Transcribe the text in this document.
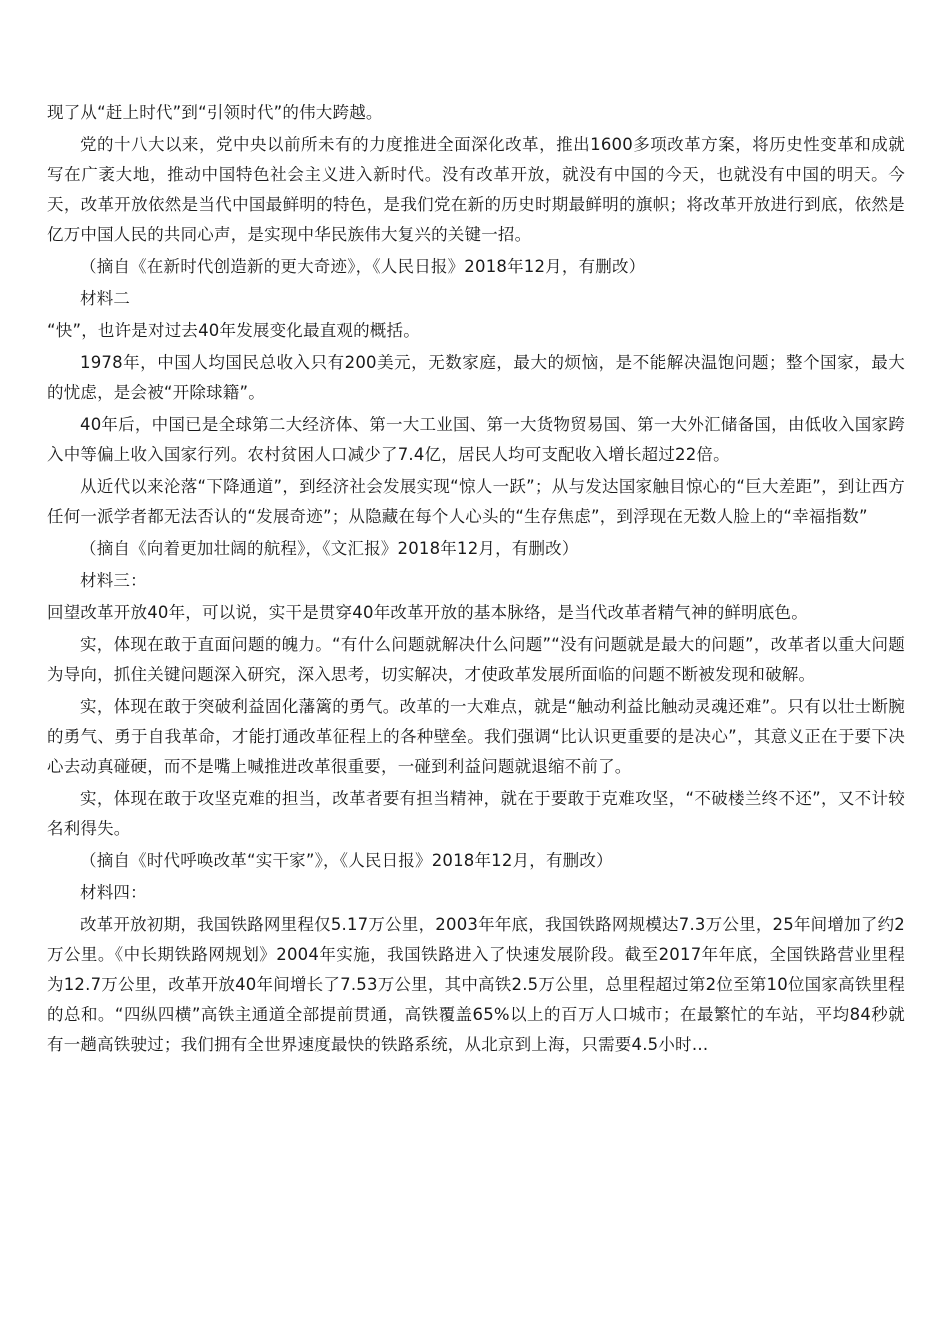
现了从“赶上时代”到“引领时代”的伟大跨越。

党的十八大以来，党中央以前所未有的力度推进全面深化改革，推出1600多项改革方案，将历史性变革和成就写在广袤大地，推动中国特色社会主义进入新时代。没有改革开放，就没有中国的今天，也就没有中国的明天。今天，改革开放依然是当代中国最鲜明的特色，是我们党在新的历史时期最鲜明的旗帜；将改革开放进行到底，依然是亿万中国人民的共同心声，是实现中华民族伟大复兴的关键一招。

（摘自《在新时代创造新的更大奇迹》，《人民日报》2018年12月，有删改）

材料二

“快”，也许是对过去40年发展变化最直观的概括。

1978年，中国人均国民总收入只有200美元，无数家庭，最大的烦恼，是不能解决温饱问题；整个国家，最大的忧虑，是会被“开除球籍”。

40年后，中国已是全球第二大经济体、第一大工业国、第一大货物贸易国、第一大外汇储备国，由低收入国家跨入中等偏上收入国家行列。农村贫困人口减少了7.4亿，居民人均可支配收入增长超过22倍。

从近代以来沦落“下降通道”，到经济社会发展实现“惊人一跃”；从与发达国家触目惊心的“巨大差距”，到让西方任何一派学者都无法否认的“发展奇迹”；从隐藏在每个人心头的“生存焦虑”，到浮现在无数人脸上的“幸福指数”

（摘自《向着更加壮阔的航程》，《文汇报》2018年12月，有删改）

材料三：

回望改革开放40年，可以说，实干是贯穿40年改革开放的基本脉络，是当代改革者精气神的鲜明底色。

实，体现在敢于直面问题的魄力。“有什么问题就解决什么问题”“没有问题就是最大的问题”，改革者以重大问题为导向，抓住关键问题深入研究，深入思考，切实解决，才使政革发展所面临的问题不断被发现和破解。

实，体现在敢于突破利益固化藩篱的勇气。改革的一大难点，就是“触动利益比触动灵魂还难”。只有以壮士断腕的勇气、勇于自我革命，才能打通改革征程上的各种壁垒。我们强调“比认识更重要的是决心”，其意义正在于要下决心去动真碰硬，而不是嘴上喊推进改革很重要，一碰到利益问题就退缩不前了。

实，体现在敢于攻坚克难的担当，改革者要有担当精神，就在于要敢于克难攻坚，“不破楼兰终不还”，又不计较名利得失。

（摘自《时代呼唤改革“实干家”》，《人民日报》2018年12月，有删改）

材料四：

改革开放初期，我国铁路网里程仅5.17万公里，2003年年底，我国铁路网规模达7.3万公里，25年间增加了约2万公里。《中长期铁路网规划》2004年实施，我国铁路进入了快速发展阶段。截至2017年年底，全国铁路营业里程为12.7万公里，改革开放40年间增长了7.53万公里，其中高铁2.5万公里，总里程超过第2位至第10位国家高铁里程的总和。“四纵四横”高铁主通道全部提前贯通，高铁覆盖65%以上的百万人口城市；在最繁忙的车站，平均84秒就有一趟高铁驶过；我们拥有全世界速度最快的铁路系统，从北京到上海，只需要4.5小时…
